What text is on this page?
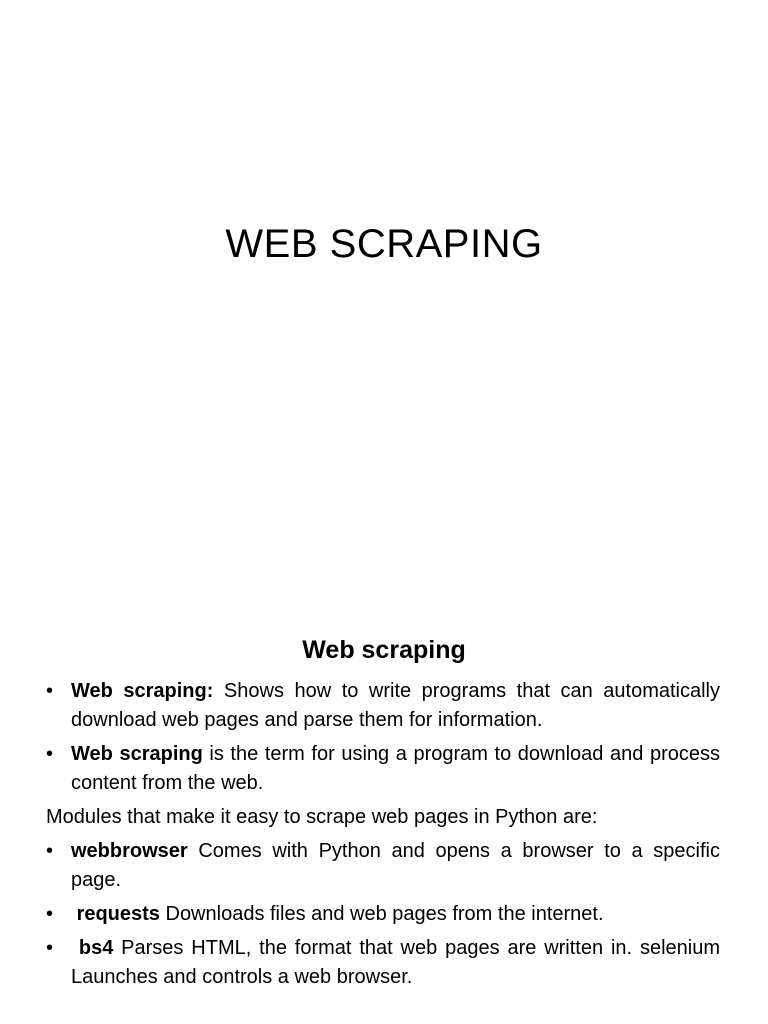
WEB SCRAPING
Web scraping
• Web scraping: Shows how to write programs that can automatically download web pages and parse them for information.
• Web scraping is the term for using a program to download and process content from the web.
Modules that make it easy to scrape web pages in Python are:
• webbrowser Comes with Python and opens a browser to a specific page.
• requests Downloads files and web pages from the internet.
•	bs4 Parses HTML, the format that web pages are written in. selenium Launches and controls a web browser.
